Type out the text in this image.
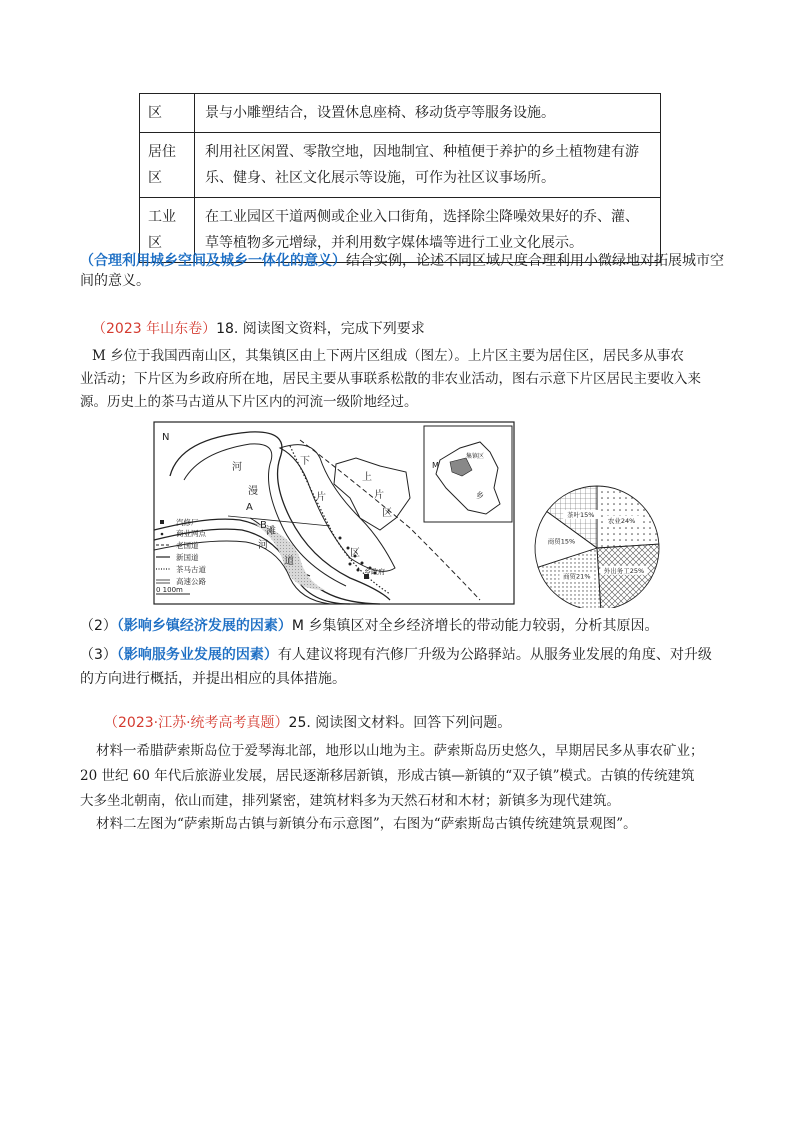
区	景与小雕塑结合，设置休息座椅、移动货亭等服务设施。
居住
区	利用社区闲置、零散空地，因地制宜、种植便于养护的乡土植物建有游
乐、健身、社区文化展示等设施，可作为社区议事场所。
工业
区	在工业园区干道两侧或企业入口街角，选择除尘降噪效果好的乔、灌、
草等植物多元增绿，并利用数字媒体墙等进行工业文化展示。
（合理利用城乡空间及城乡一体化的意义）结合实例，论述不同区域尺度合理利用小微绿地对拓展城市空
间的意义。
（2023 年山东卷）18. 阅读图文资料，完成下列要求
M 乡位于我国西南山区，其集镇区由上下两片区组成（图左）。上片区主要为居住区，居民多从事农
业活动；下片区为乡政府所在地，居民主要从事联系松散的非农业活动，图右示意下片区居民主要收入来
源。历史上的茶马古道从下片区内的河流一级阶地经过。
N
河
漫
滩
河
道
下
片
区
上
片
区
A
B
乡政府
汽修厂
商业网点
老国道
新国道
茶马古道
高速公路
0 100m
M
集镇区
乡
农业24%
外出务工25%
商贸21%
商贸15%
茶叶15%
（2）（影响乡镇经济发展的因素）M 乡集镇区对全乡经济增长的带动能力较弱，分析其原因。
（3）（影响服务业发展的因素）有人建议将现有汽修厂升级为公路驿站。从服务业发展的角度、对升级
的方向进行概括，并提出相应的具体措施。
（2023·江苏·统考高考真题）25. 阅读图文材料。回答下列问题。
材料一希腊萨索斯岛位于爱琴海北部，地形以山地为主。萨索斯岛历史悠久，早期居民多从事农矿业；
20 世纪 60 年代后旅游业发展，居民逐渐移居新镇，形成古镇—新镇的“双子镇”模式。古镇的传统建筑
大多坐北朝南，依山而建，排列紧密，建筑材料多为天然石材和木材；新镇多为现代建筑。
材料二左图为“萨索斯岛古镇与新镇分布示意图”，右图为“萨索斯岛古镇传统建筑景观图”。
